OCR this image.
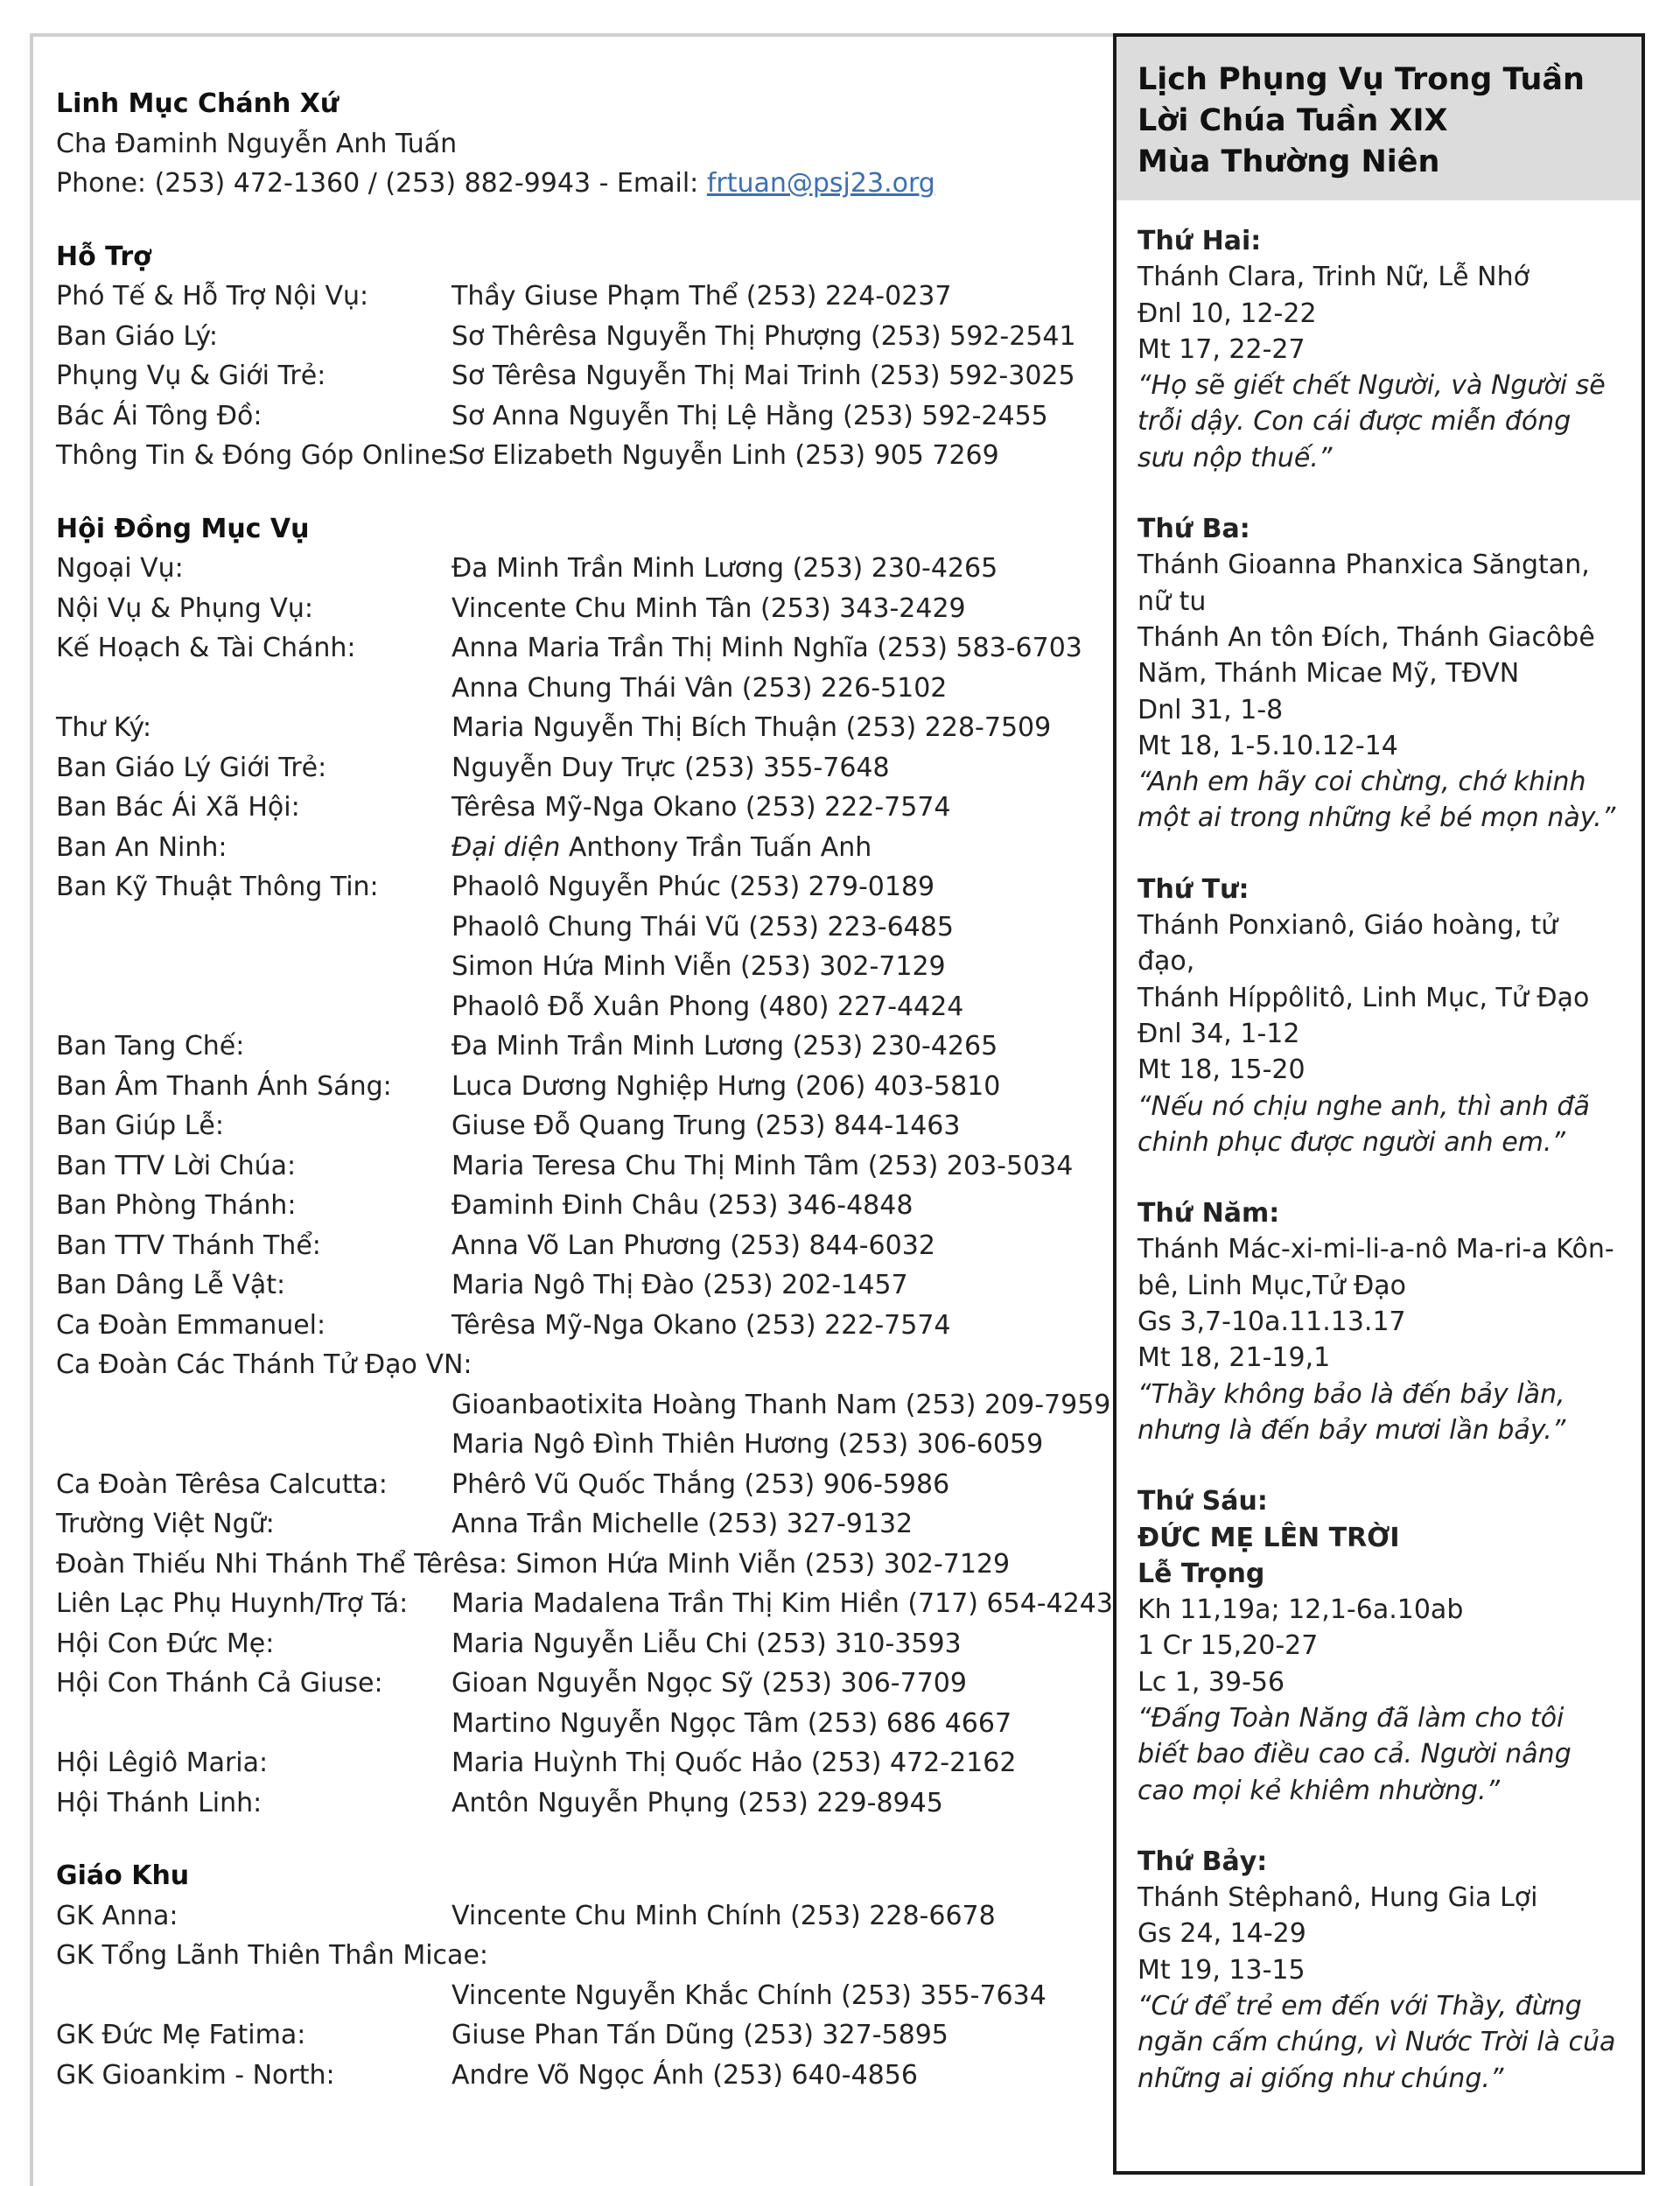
Linh Mục Chánh Xứ
Cha Đaminh Nguyễn Anh Tuấn
Phone: (253) 472-1360 / (253) 882-9943 - Email: frtuan@psj23.org
Hỗ Trợ
Phó Tế & Hỗ Trợ Nội Vụ:	Thầy Giuse Phạm Thể (253) 224-0237
Ban Giáo Lý:	Sơ Thêrêsa Nguyễn Thị Phượng (253) 592-2541
Phụng Vụ & Giới Trẻ:	Sơ Têrêsa Nguyễn Thị Mai Trinh (253) 592-3025
Bác Ái Tông Đồ:	Sơ Anna Nguyễn Thị Lệ Hằng (253) 592-2455
Thông Tin & Đóng Góp Online:
Sơ Elizabeth Nguyễn Linh (253) 905 7269
Hội Đồng Mục Vụ
Ngoại Vụ:	Đa Minh Trần Minh Lương (253) 230-4265
Nội Vụ & Phụng Vụ:	Vincente Chu Minh Tân (253) 343-2429
Kế Hoạch & Tài Chánh:	Anna Maria Trần Thị Minh Nghĩa (253) 583-6703
Anna Chung Thái Vân (253) 226-5102
Thư Ký:	Maria Nguyễn Thị Bích Thuận (253) 228-7509
Ban Giáo Lý Giới Trẻ:	Nguyễn Duy Trực (253) 355-7648
Ban Bác Ái Xã Hội:	Têrêsa Mỹ-Nga Okano (253) 222-7574
Ban An Ninh:	Đại diện Anthony Trần Tuấn Anh
Ban Kỹ Thuật Thông Tin:	Phaolô Nguyễn Phúc (253) 279-0189
Phaolô Chung Thái Vũ (253) 223-6485
Simon Hứa Minh Viễn (253) 302-7129
Phaolô Đỗ Xuân Phong (480) 227-4424
Ban Tang Chế:	Đa Minh Trần Minh Lương (253) 230-4265
Ban Âm Thanh Ánh Sáng:	Luca Dương Nghiệp Hưng (206) 403-5810
Ban Giúp Lễ:	Giuse Đỗ Quang Trung (253) 844-1463
Ban TTV Lời Chúa:	Maria Teresa Chu Thị Minh Tâm (253) 203-5034
Ban Phòng Thánh:	Đaminh Đinh Châu (253) 346-4848
Ban TTV Thánh Thể:	Anna Võ Lan Phương (253) 844-6032
Ban Dâng Lễ Vật:	Maria Ngô Thị Đào (253) 202-1457
Ca Đoàn Emmanuel:	Têrêsa Mỹ-Nga Okano (253) 222-7574
Ca Đoàn Các Thánh Tử Đạo VN:
Gioanbaotixita Hoàng Thanh Nam (253) 209-7959
Maria Ngô Đình Thiên Hương (253) 306-6059
Ca Đoàn Têrêsa Calcutta:	Phêrô Vũ Quốc Thắng (253) 906-5986
Trường Việt Ngữ:	Anna Trần Michelle (253) 327-9132
Đoàn Thiếu Nhi Thánh Thể Têrêsa: Simon Hứa Minh Viễn (253) 302-7129
Liên Lạc Phụ Huynh/Trợ Tá:	Maria Madalena Trần Thị Kim Hiền (717) 654-4243
Hội Con Đức Mẹ:	Maria Nguyễn Liễu Chi (253) 310-3593
Hội Con Thánh Cả Giuse:	Gioan Nguyễn Ngọc Sỹ (253) 306-7709
Martino Nguyễn Ngọc Tâm (253) 686 4667
Hội Lêgiô Maria:	Maria Huỳnh Thị Quốc Hảo (253) 472-2162
Hội Thánh Linh:	Antôn Nguyễn Phụng (253) 229-8945
Giáo Khu
GK Anna:	Vincente Chu Minh Chính (253) 228-6678
GK Tổng Lãnh Thiên Thần Micae:
Vincente Nguyễn Khắc Chính (253) 355-7634
GK Đức Mẹ Fatima:	Giuse Phan Tấn Dũng (253) 327-5895
GK Gioankim - North:	Andre Võ Ngọc Ánh (253) 640-4856
Lịch Phụng Vụ Trong Tuần
Lời Chúa Tuần XIX
Mùa Thường Niên
Thứ Hai:
Thánh Clara, Trinh Nữ, Lễ Nhớ
Đnl 10, 12-22
Mt 17, 22-27
“Họ sẽ giết chết Người, và Người sẽ trỗi dậy. Con cái được miễn đóng sưu nộp thuế.”
Thứ Ba:
Thánh Gioanna Phanxica Săngtan, nữ tu
Thánh An tôn Đích, Thánh Giacôbê Năm, Thánh Micae Mỹ, TĐVN
Dnl 31, 1-8
Mt 18, 1-5.10.12-14
“Anh em hãy coi chừng, chớ khinh một ai trong những kẻ bé mọn này.”
Thứ Tư:
Thánh Ponxianô, Giáo hoàng, tử đạo,
Thánh Híppôlitô, Linh Mục, Tử Đạo
Đnl 34, 1-12
Mt 18, 15-20
“Nếu nó chịu nghe anh, thì anh đã chinh phục được người anh em.”
Thứ Năm:
Thánh Mác-xi-mi-li-a-nô Ma-ri-a Kôn-bê, Linh Mục,Tử Đạo
Gs 3,7-10a.11.13.17
Mt 18, 21-19,1
“Thầy không bảo là đến bảy lần, nhưng là đến bảy mươi lần bảy.”
Thứ Sáu:
ĐỨC MẸ LÊN TRỜI
Lễ Trọng
Kh 11,19a; 12,1-6a.10ab
1 Cr 15,20-27
Lc 1, 39-56
“Đấng Toàn Năng đã làm cho tôi biết bao điều cao cả. Người nâng cao mọi kẻ khiêm nhường.”
Thứ Bảy:
Thánh Stêphanô, Hung Gia Lợi
Gs 24, 14-29
Mt 19, 13-15
“Cứ để trẻ em đến với Thầy, đừng ngăn cấm chúng, vì Nước Trời là của những ai giống như chúng.”
